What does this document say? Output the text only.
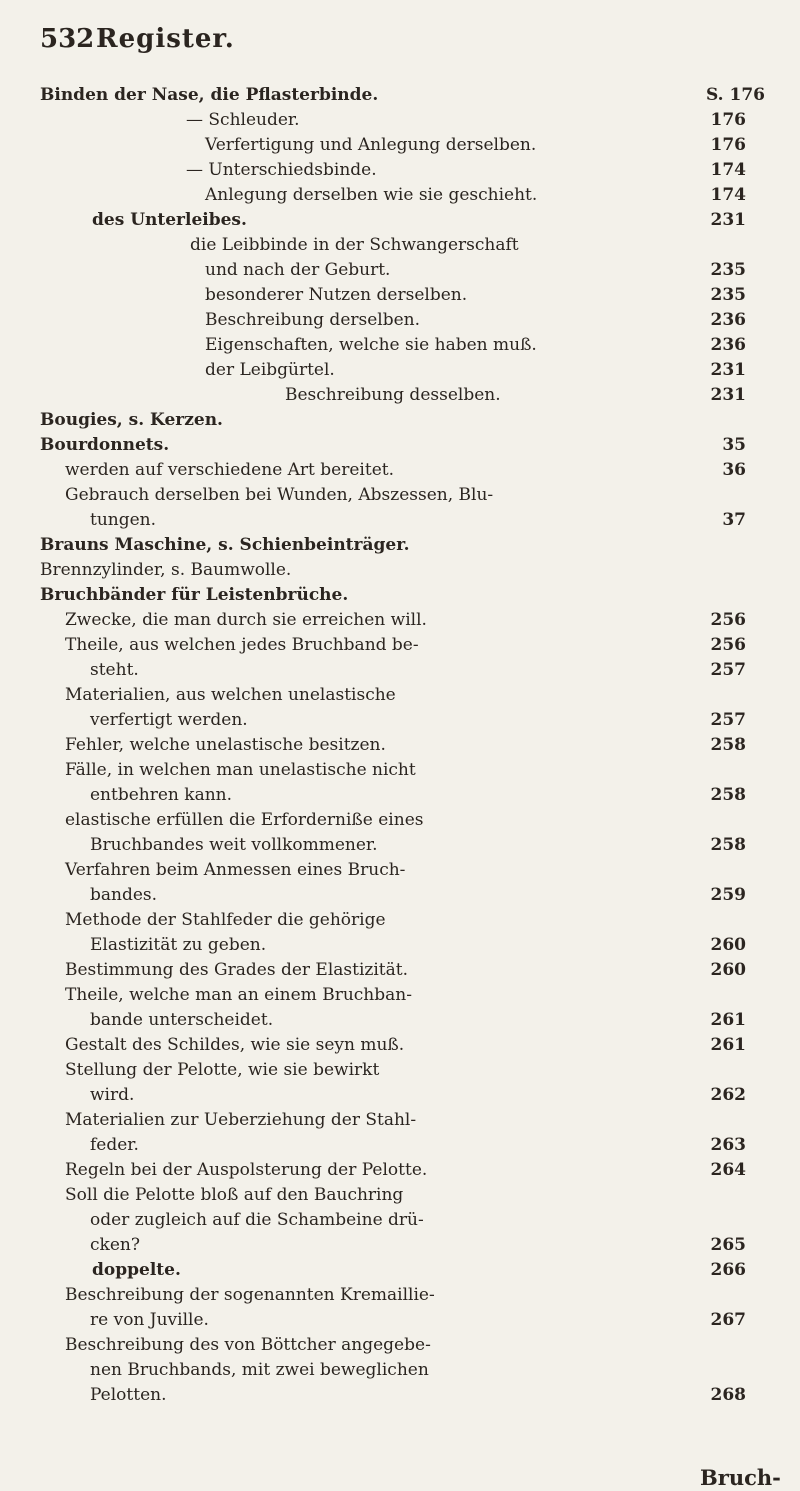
532 Register.
Binden der Nase, die Pflasterbinde.	S. 176
— Schleuder.	176
Verfertigung und Anlegung derselben.	176
— Unterschiedsbinde.	174
Anlegung derselben wie sie geschieht.	174
des Unterleibes.	231
die Leibbinde in der Schwangerschaft
und nach der Geburt.	235
besonderer Nutzen derselben.	235
Beschreibung derselben.	236
Eigenschaften, welche sie haben muß.	236
der Leibgürtel.	231
Beschreibung desselben.	231
Bougies, s. Kerzen.
Bourdonnets.	35
werden auf verschiedene Art bereitet.	36
Gebrauch derselben bei Wunden, Abszessen, Blu-
tungen.	37
Brauns Maschine, s. Schienbeinträger.
Brennzylinder, s. Baumwolle.
Bruchbänder für Leistenbrüche.
Zwecke, die man durch sie erreichen will.	256
Theile, aus welchen jedes Bruchband be-	256
steht.	257
Materialien, aus welchen unelastische
verfertigt werden.	257
Fehler, welche unelastische besitzen.	258
Fälle, in welchen man unelastische nicht
entbehren kann.	258
elastische erfüllen die Erforderniße eines
Bruchbandes weit vollkommener.	258
Verfahren beim Anmessen eines Bruch-
bandes.	259
Methode der Stahlfeder die gehörige
Elastizität zu geben.	260
Bestimmung des Grades der Elastizität.	260
Theile, welche man an einem Bruchban-
bande unterscheidet.	261
Gestalt des Schildes, wie sie seyn muß.	261
Stellung der Pelotte, wie sie bewirkt
wird.	262
Materialien zur Ueberziehung der Stahl-
feder.	263
Regeln bei der Auspolsterung der Pelotte.	264
Soll die Pelotte bloß auf den Bauchring
oder zugleich auf die Schambeine drü-
cken?	265
doppelte.	266
Beschreibung der sogenannten Kremaillie-
re von Juville.	267
Beschreibung des von Böttcher angegebe-
nen Bruchbands, mit zwei beweglichen
Pelotten.	268
Bruch-
